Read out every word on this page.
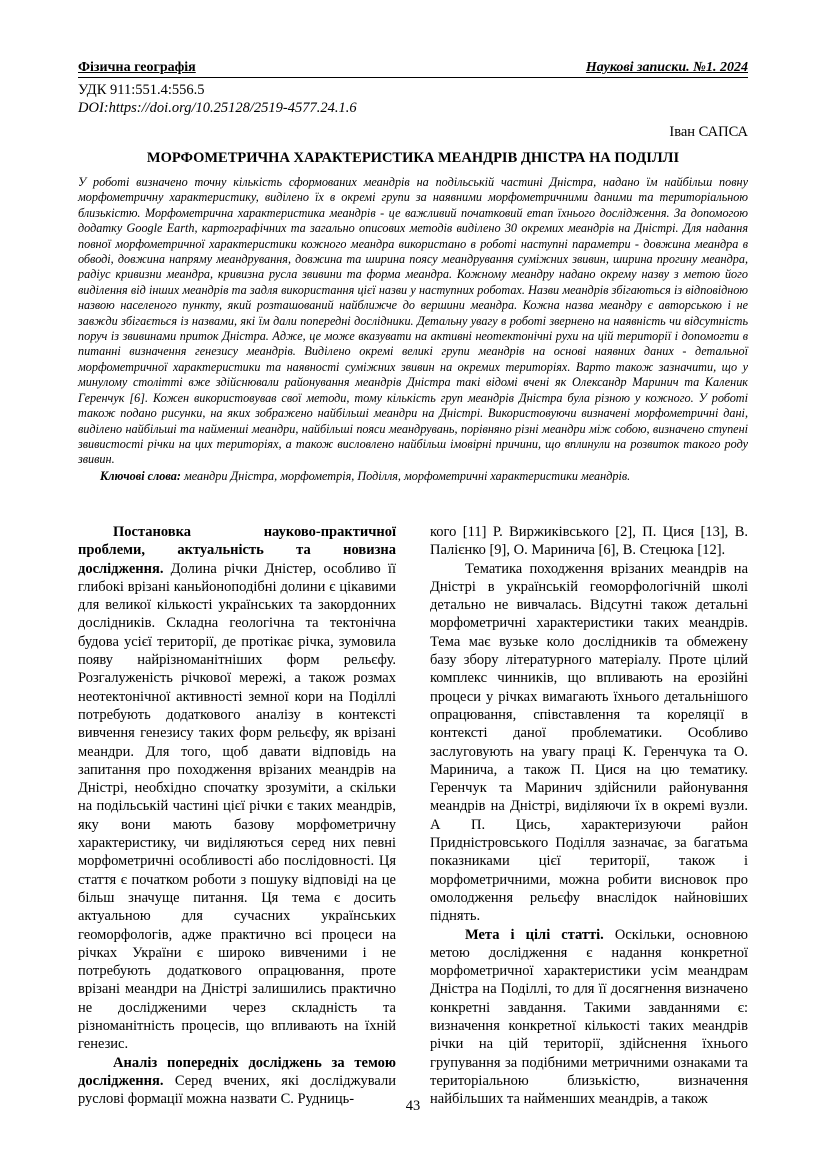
Фізична географія	Наукові записки. №1. 2024
УДК 911:551.4:556.5
DOI:https://doi.org/10.25128/2519-4577.24.1.6
Іван САПСА
МОРФОМЕТРИЧНА ХАРАКТЕРИСТИКА МЕАНДРІВ ДНІСТРА НА ПОДІЛЛІ
У роботі визначено точну кількість сформованих меандрів на подільській частині Дністра, надано їм найбільш повну морфометричну характеристику, виділено їх в окремі групи за наявними морфометричними даними та територіальною близькістю. Морфометрична характеристика меандрів - це важливий початковий етап їхнього дослідження. За допомогою додатку Google Earth, картографічних та загально описових методів виділено 30 окремих меандрів на Дністрі. Для надання повної морфометричної характеристики кожного меандра використано в роботі наступні параметри - довжина меандра в обводі, довжина напряму меандрування, довжина та ширина поясу меандрування суміжних звивин, ширина прогину меандра, радіус кривизни меандра, кривизна русла звивини та форма меандра. Кожному меандру надано окрему назву з метою його виділення від інших меандрів та задля використання цієї назви у наступних роботах. Назви меандрів збігаються із відповідною назвою населеного пункту, який розташований найближче до вершини меандра. Кожна назва меандру є авторською і не завжди збігається із назвами, які їм дали попередні дослідники. Детальну увагу в роботі звернено на наявність чи відсутність поруч із звивинами приток Дністра. Адже, це може вказувати на активні неотектонічні рухи на цій території і допомогти в питанні визначення генезису меандрів. Виділено окремі великі групи меандрів на основі наявних даних - детальної морфометричної характеристики та наявності суміжних звивин на окремих територіях. Варто також зазначити, що у минулому столітті вже здійснювали районування меандрів Дністра такі відомі вчені як Олександр Маринич та Каленик Геренчук [6]. Кожен використовував свої методи, тому кількість груп меандрів Дністра була різною у кожного. У роботі також подано рисунки, на яких зображено найбільші меандри на Дністрі. Використовуючи визначені морфометричні дані, виділено найбільші та найменші меандри, найбільші пояси меандрувань, порівняно різні меандри між собою, визначено ступені звивистості річки на цих територіях, а також висловлено найбільш імовірні причини, що вплинули на розвиток такого роду звивин.
Ключові слова: меандри Дністра, морфометрія, Поділля, морфометричні характеристики меандрів.

Постановка науково-практичної проблеми, актуальність та новизна дослідження. Долина річки Дністер, особливо її глибокі врізані каньйоноподібні долини є цікавими для великої кількості українських та закордонних дослідників. Складна геологічна та тектонічна будова усієї території, де протікає річка, зумовила появу найрізноманітніших форм рельєфу. Розгалуженість річкової мережі, а також розмах неотектонічної активності земної кори на Поділлі потребують додаткового аналізу в контексті вивчення генезису таких форм рельєфу, як врізані меандри. Для того, щоб давати відповідь на запитання про походження врізаних меандрів на Дністрі, необхідно спочатку зрозуміти, а скільки на подільській частині цієї річки є таких меандрів, яку вони мають базову морфометричну характеристику, чи виділяються серед них певні морфометричні особливості або послідовності. Ця стаття є початком роботи з пошуку відповіді на це більш значуще питання. Ця тема є досить актуальною для сучасних українських геоморфологів, адже практично всі процеси на річках України є широко вивченими і не потребують додаткового опрацювання, проте врізані меандри на Дністрі залишились практично не дослідженими через складність та різноманітність процесів, що впливають на їхній генезис.

Аналіз попередніх досліджень за темою дослідження. Серед вчених, які досліджували руслові формації можна назвати С. Рудниць-

кого [11] Р. Виржиківського [2], П. Цися [13], В. Палієнко [9], О. Маринича [6], В. Стецюка [12].

Тематика походження врізаних меандрів на Дністрі в українській геоморфологічній школі детально не вивчалась. Відсутні також детальні морфометричні характеристики таких меандрів. Тема має вузьке коло дослідників та обмежену базу збору літературного матеріалу. Проте цілий комплекс чинників, що впливають на ерозійні процеси у річках вимагають їхнього детальнішого опрацювання, співставлення та кореляції в контексті даної проблематики. Особливо заслуговують на увагу праці К. Геренчука та О. Маринича, а також П. Цися на цю тематику. Геренчук та Маринич здійснили районування меандрів на Дністрі, виділяючи їх в окремі вузли. А П. Цись, характеризуючи район Придністровського Поділля зазначає, за багатьма показниками цієї території, також і морфометричними, можна робити висновок про омолодження рельєфу внаслідок найновіших піднять.

Мета і цілі статті. Оскільки, основною метою дослідження є надання конкретної морфометричної характеристики усім меандрам Дністра на Поділлі, то для її досягнення визначено конкретні завдання. Такими завданнями є: визначення конкретної кількості таких меандрів річки на цій території, здійснення їхнього групування за подібними метричними ознаками та територіальною близькістю, визначення найбільших та найменших меандрів, а також

43
